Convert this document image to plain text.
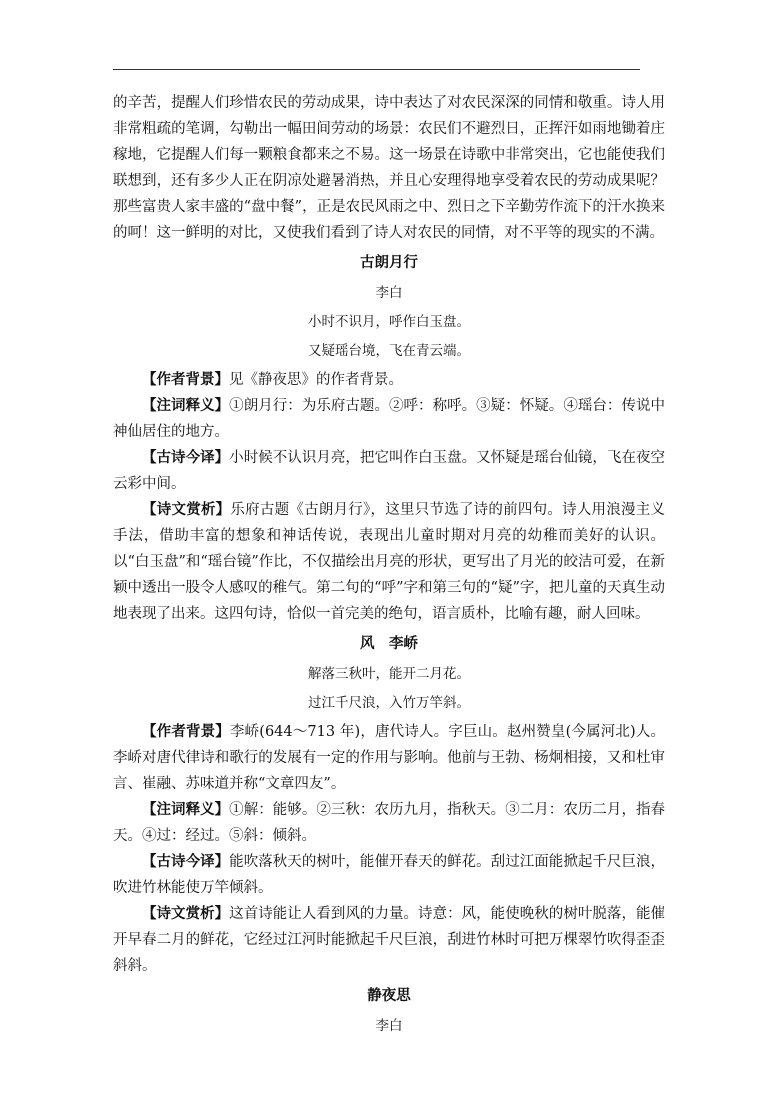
的辛苦，提醒人们珍惜农民的劳动成果，诗中表达了对农民深深的同情和敬重。诗人用非常粗疏的笔调，勾勒出一幅田间劳动的场景：农民们不避烈日，正挥汗如雨地锄着庄稼地，它提醒人们每一颗粮食都来之不易。这一场景在诗歌中非常突出，它也能使我们联想到，还有多少人正在阴凉处避暑消热，并且心安理得地享受着农民的劳动成果呢？那些富贵人家丰盛的“盘中餐”，正是农民风雨之中、烈日之下辛勤劳作流下的汗水换来的呵！这一鲜明的对比，又使我们看到了诗人对农民的同情，对不平等的现实的不满。

古朗月行
李白
小时不识月，呼作白玉盘。
又疑瑶台境，飞在青云端。

【作者背景】见《静夜思》的作者背景。

【注词释义】①朗月行：为乐府古题。②呼：称呼。③疑：怀疑。④瑶台：传说中神仙居住的地方。

【古诗今译】小时候不认识月亮，把它叫作白玉盘。又怀疑是瑶台仙镜，飞在夜空云彩中间。

【诗文赏析】乐府古题《古朗月行》，这里只节选了诗的前四句。诗人用浪漫主义手法，借助丰富的想象和神话传说，表现出儿童时期对月亮的幼稚而美好的认识。以“白玉盘”和“瑶台镜”作比，不仅描绘出月亮的形状，更写出了月光的皎洁可爱，在新颖中透出一股令人感叹的稚气。第二句的“呼”字和第三句的“疑”字，把儿童的天真生动地表现了出来。这四句诗，恰似一首完美的绝句，语言质朴，比喻有趣，耐人回味。

风　李峤
解落三秋叶，能开二月花。
过江千尺浪，入竹万竿斜。

【作者背景】李峤(644～713 年)，唐代诗人。字巨山。赵州赞皇(今属河北)人。李峤对唐代律诗和歌行的发展有一定的作用与影响。他前与王勃、杨炯相接，又和杜审言、崔融、苏味道并称“文章四友”。

【注词释义】①解：能够。②三秋：农历九月，指秋天。③二月：农历二月，指春天。④过：经过。⑤斜：倾斜。

【古诗今译】能吹落秋天的树叶，能催开春天的鲜花。刮过江面能掀起千尺巨浪，吹进竹林能使万竿倾斜。

【诗文赏析】这首诗能让人看到风的力量。诗意：风，能使晚秋的树叶脱落，能催开早春二月的鲜花，它经过江河时能掀起千尺巨浪，刮进竹林时可把万棵翠竹吹得歪歪斜斜。

静夜思
李白
